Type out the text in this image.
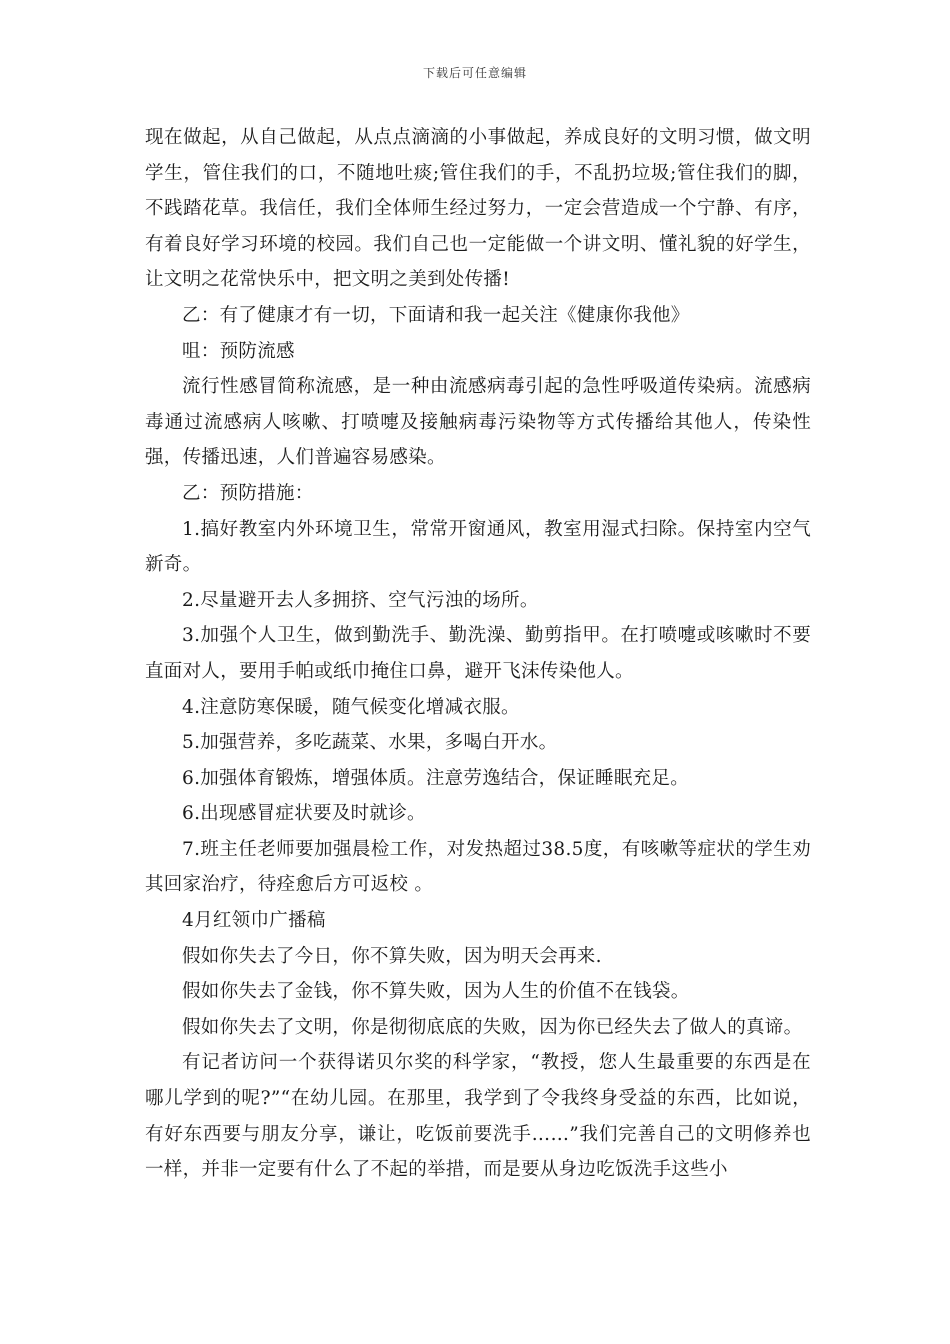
下载后可任意编辑

现在做起，从自己做起，从点点滴滴的小事做起，养成良好的文明习惯，做文明学生，管住我们的口，不随地吐痰;管住我们的手，不乱扔垃圾;管住我们的脚，不践踏花草。我信任，我们全体师生经过努力，一定会营造成一个宁静、有序，有着良好学习环境的校园。我们自己也一定能做一个讲文明、懂礼貌的好学生，让文明之花常快乐中，把文明之美到处传播!

乙：有了健康才有一切，下面请和我一起关注《健康你我他》

咀：预防流感

流行性感冒简称流感，是一种由流感病毒引起的急性呼吸道传染病。流感病毒通过流感病人咳嗽、打喷嚏及接触病毒污染物等方式传播给其他人，传染性强，传播迅速，人们普遍容易感染。

乙：预防措施：

1.搞好教室内外环境卫生，常常开窗通风，教室用湿式扫除。保持室内空气新奇。

2.尽量避开去人多拥挤、空气污浊的场所。

3.加强个人卫生，做到勤洗手、勤洗澡、勤剪指甲。在打喷嚏或咳嗽时不要直面对人，要用手帕或纸巾掩住口鼻，避开飞沫传染他人。

4.注意防寒保暖，随气候变化增减衣服。

5.加强营养，多吃蔬菜、水果，多喝白开水。

6.加强体育锻炼，增强体质。注意劳逸结合，保证睡眠充足。

6.出现感冒症状要及时就诊。

7.班主任老师要加强晨检工作，对发热超过38.5度，有咳嗽等症状的学生劝其回家治疗，待痊愈后方可返校 。

4月红领巾广播稿

假如你失去了今日，你不算失败，因为明天会再来.

假如你失去了金钱，你不算失败，因为人生的价值不在钱袋。

假如你失去了文明，你是彻彻底底的失败，因为你已经失去了做人的真谛。

有记者访问一个获得诺贝尔奖的科学家，“教授，您人生最重要的东西是在哪儿学到的呢?”“在幼儿园。在那里，我学到了令我终身受益的东西，比如说，有好东西要与朋友分享，谦让，吃饭前要洗手……”我们完善自己的文明修养也一样，并非一定要有什么了不起的举措，而是要从身边吃饭洗手这些小
